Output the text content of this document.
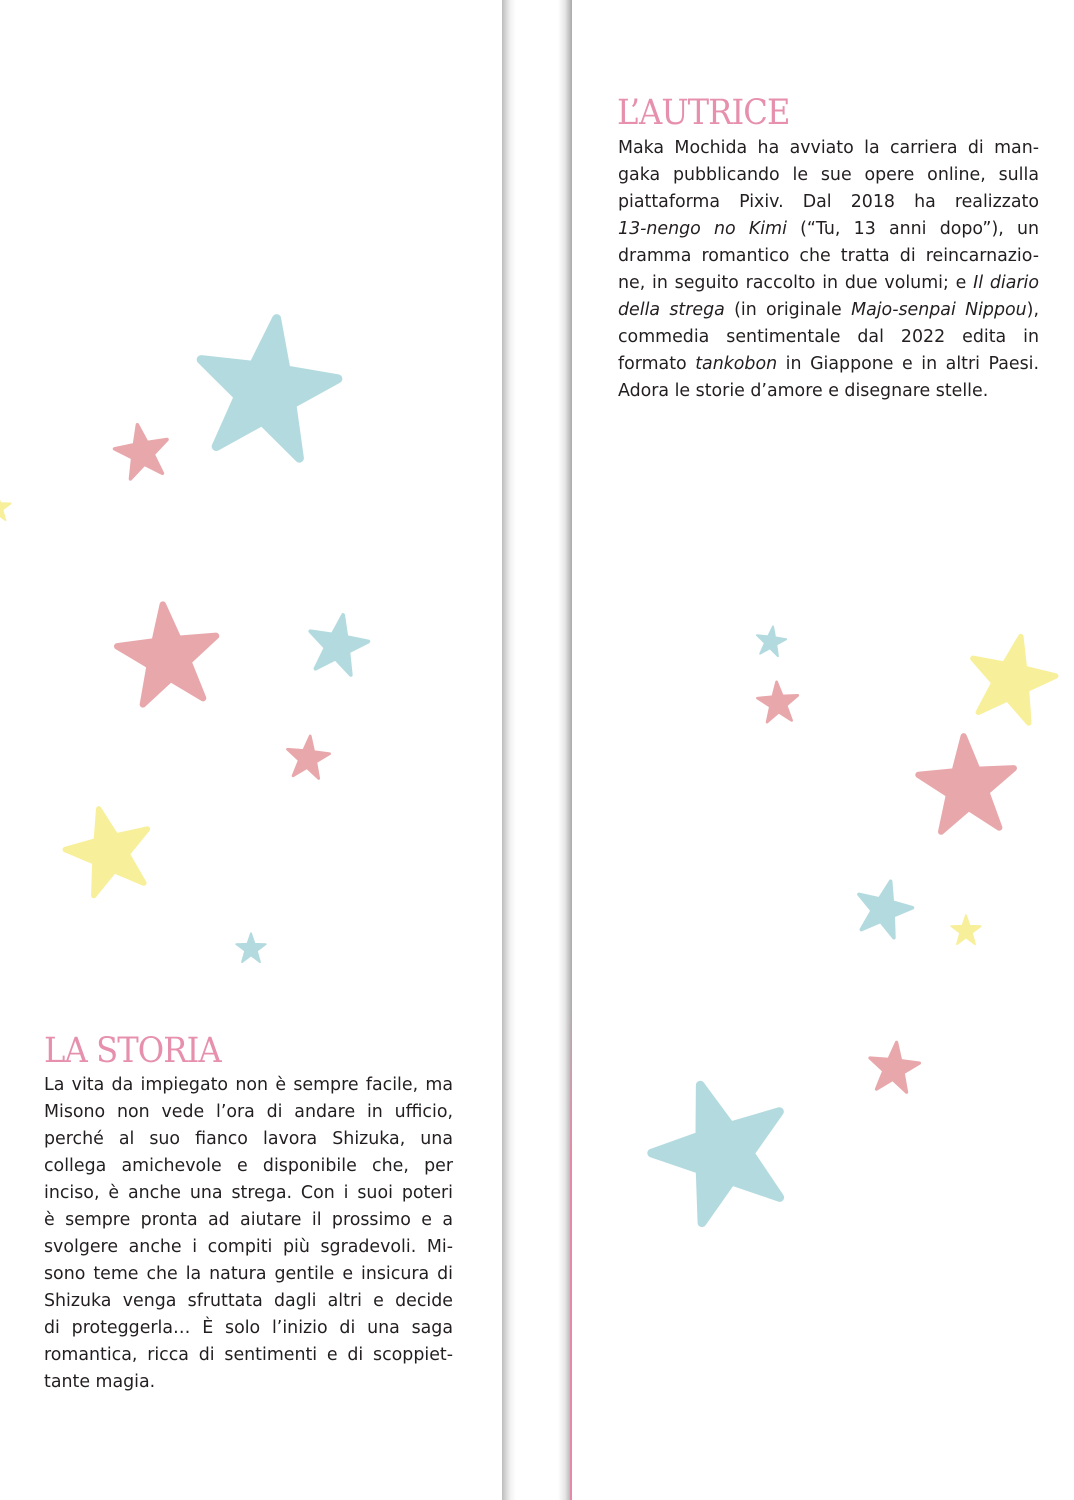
LA STORIA
La vita da impiegato non è sempre facile, ma
Misono non vede l’ora di andare in ufficio,
perché al suo fianco lavora Shizuka, una
collega amichevole e disponibile che, per
inciso, è anche una strega. Con i suoi poteri
è sempre pronta ad aiutare il prossimo e a
svolgere anche i compiti più sgradevoli. Mi-
sono teme che la natura gentile e insicura di
Shizuka venga sfruttata dagli altri e decide
di proteggerla… È solo l’inizio di una saga
romantica, ricca di sentimenti e di scoppiet-
tante magia.
L’AUTRICE
Maka Mochida ha avviato la carriera di man-
gaka pubblicando le sue opere online, sulla
piattaforma Pixiv. Dal 2018 ha realizzato
13-nengo no Kimi (“Tu, 13 anni dopo”), un
dramma romantico che tratta di reincarnazio-
ne, in seguito raccolto in due volumi; e Il diario
della strega (in originale Majo-senpai Nippou),
commedia sentimentale dal 2022 edita in
formato tankobon in Giappone e in altri Paesi.
Adora le storie d’amore e disegnare stelle.
